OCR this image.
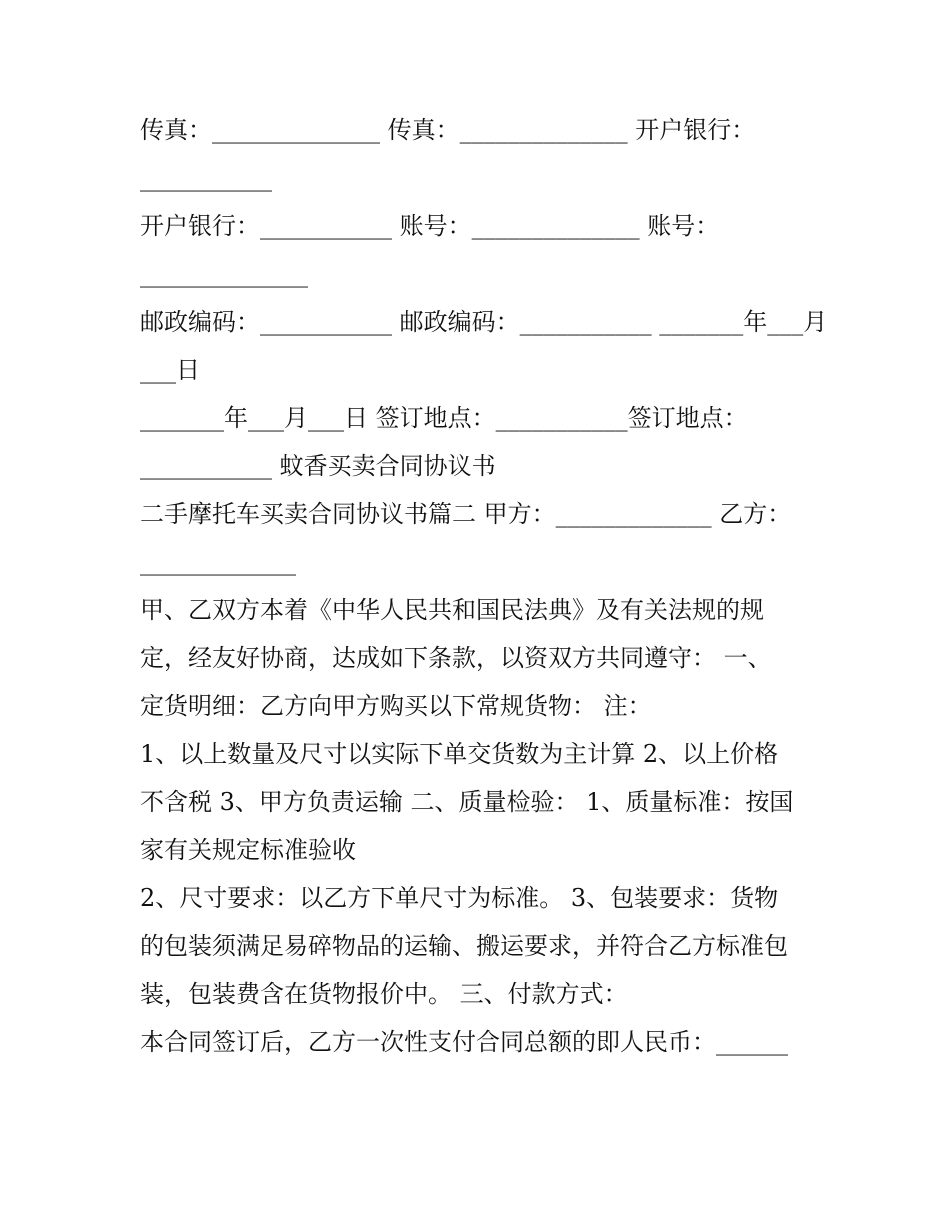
传真：______________ 传真：______________ 开户银行：

___________

开户银行：___________ 账号：______________ 账号：

______________

邮政编码：___________ 邮政编码：___________ _______年___月

___日

_______年___月___日 签订地点：___________签订地点：

___________ 蚊香买卖合同协议书

二手摩托车买卖合同协议书篇二 甲方：_____________ 乙方：

_____________

甲、乙双方本着《中华人民共和国民法典》及有关法规的规

定，经友好协商，达成如下条款，以资双方共同遵守： 一、

定货明细：乙方向甲方购买以下常规货物： 注：

1、以上数量及尺寸以实际下单交货数为主计算 2、以上价格

不含税 3、甲方负责运输 二、质量检验： 1、质量标准：按国

家有关规定标准验收

2、尺寸要求：以乙方下单尺寸为标准。 3、包装要求：货物

的包装须满足易碎物品的运输、搬运要求，并符合乙方标准包

装，包装费含在货物报价中。 三、付款方式：

本合同签订后，乙方一次性支付合同总额的即人民币：______
